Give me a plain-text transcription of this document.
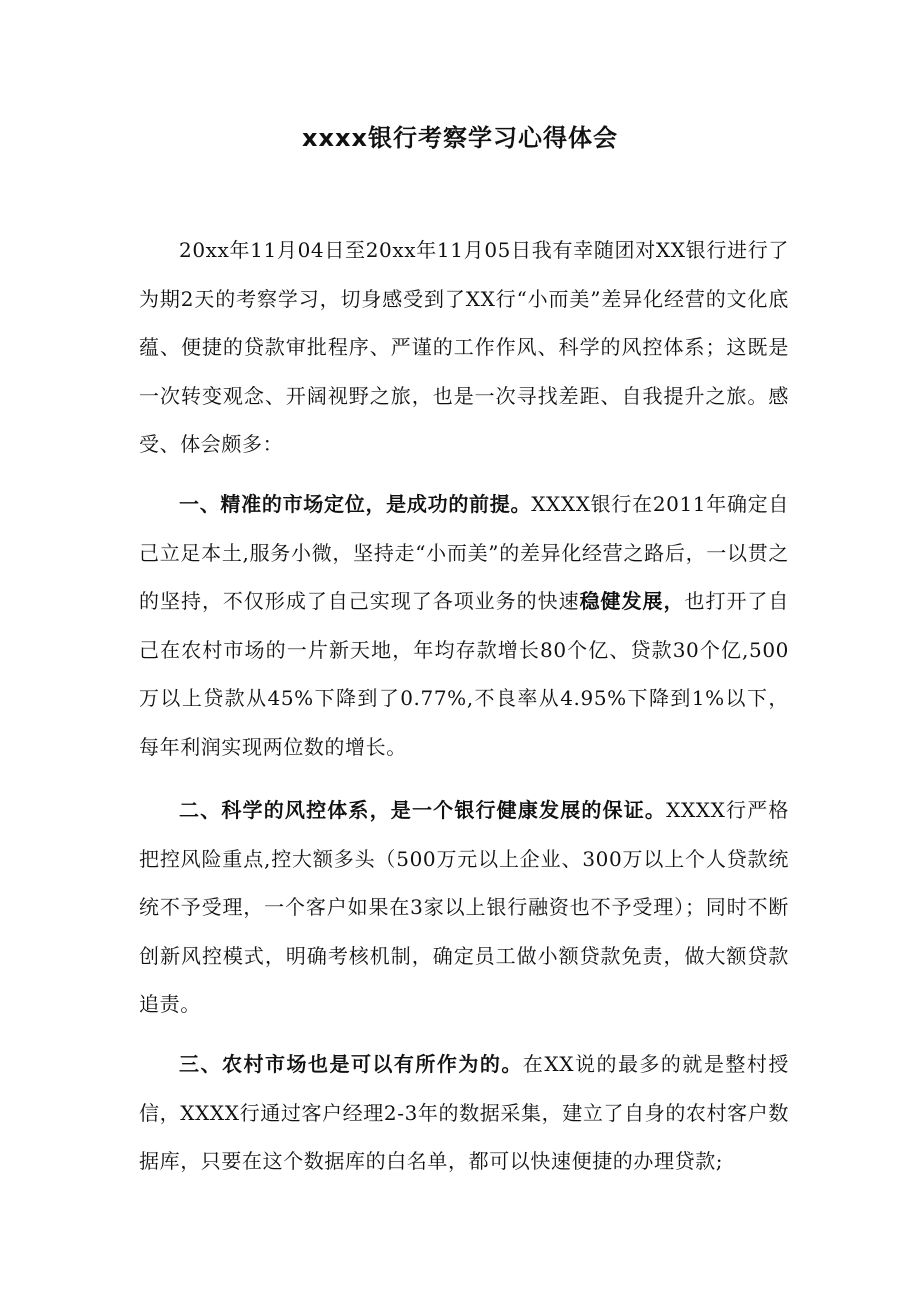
xxxx银行考察学习心得体会

20xx年11月04日至20xx年11月05日我有幸随团对XX银行进行了为期2天的考察学习，切身感受到了XX行“小而美”差异化经营的文化底蕴、便捷的贷款审批程序、严谨的工作作风、科学的风控体系；这既是一次转变观念、开阔视野之旅，也是一次寻找差距、自我提升之旅。感受、体会颇多：

一、精准的市场定位，是成功的前提。XXXX银行在2011年确定自己立足本土,服务小微，坚持走“小而美”的差异化经营之路后，一以贯之的坚持，不仅形成了自己实现了各项业务的快速稳健发展，也打开了自己在农村市场的一片新天地，年均存款增长80个亿、贷款30个亿,500万以上贷款从45%下降到了0.77%,不良率从4.95%下降到1%以下，每年利润实现两位数的增长。

二、科学的风控体系，是一个银行健康发展的保证。XXXX行严格把控风险重点,控大额多头（500万元以上企业、300万以上个人贷款统统不予受理，一个客户如果在3家以上银行融资也不予受理）；同时不断创新风控模式，明确考核机制，确定员工做小额贷款免责，做大额贷款追责。

三、农村市场也是可以有所作为的。在XX说的最多的就是整村授信，XXXX行通过客户经理2-3年的数据采集，建立了自身的农村客户数据库，只要在这个数据库的白名单，都可以快速便捷的办理贷款;
